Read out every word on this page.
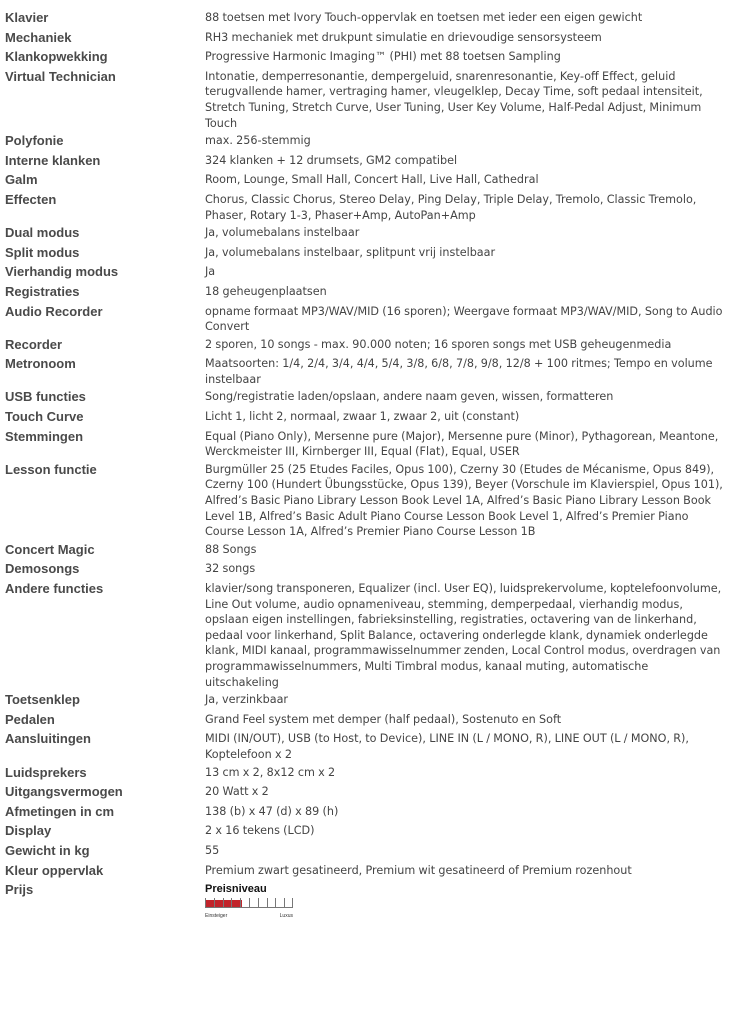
Klavier	88 toetsen met Ivory Touch-oppervlak en toetsen met ieder een eigen gewicht
Mechaniek	RH3 mechaniek met drukpunt simulatie en drievoudige sensorsysteem
Klankopwekking	Progressive Harmonic Imaging™ (PHI) met 88 toetsen Sampling
Virtual Technician	Intonatie, demperresonantie, dempergeluid, snarenresonantie, Key-off Effect, geluid terugvallende hamer, vertraging hamer, vleugelklep, Decay Time, soft pedaal intensiteit, Stretch Tuning, Stretch Curve, User Tuning, User Key Volume, Half-Pedal Adjust, Minimum Touch
Polyfonie	max. 256-stemmig
Interne klanken	324 klanken + 12 drumsets, GM2 compatibel
Galm	Room, Lounge, Small Hall, Concert Hall, Live Hall, Cathedral
Effecten	Chorus, Classic Chorus, Stereo Delay, Ping Delay, Triple Delay, Tremolo, Classic Tremolo, Phaser, Rotary 1-3, Phaser+Amp, AutoPan+Amp
Dual modus	Ja, volumebalans instelbaar
Split modus	Ja, volumebalans instelbaar, splitpunt vrij instelbaar
Vierhandig modus	Ja
Registraties	18 geheugenplaatsen
Audio Recorder	opname formaat MP3/WAV/MID (16 sporen); Weergave formaat MP3/WAV/MID, Song to Audio Convert
Recorder	2 sporen, 10 songs - max. 90.000 noten; 16 sporen songs met USB geheugenmedia
Metronoom	Maatsoorten: 1/4, 2/4, 3/4, 4/4, 5/4, 3/8, 6/8, 7/8, 9/8, 12/8 + 100 ritmes; Tempo en volume instelbaar
USB functies	Song/registratie laden/opslaan, andere naam geven, wissen, formatteren
Touch Curve	Licht 1, licht 2, normaal, zwaar 1, zwaar 2, uit (constant)
Stemmingen	Equal (Piano Only), Mersenne pure (Major), Mersenne pure (Minor), Pythagorean, Meantone, Werckmeister III, Kirnberger III, Equal (Flat), Equal, USER
Lesson functie	Burgmüller 25 (25 Etudes Faciles, Opus 100), Czerny 30 (Etudes de Mécanisme, Opus 849), Czerny 100 (Hundert Übungsstücke, Opus 139), Beyer (Vorschule im Klavierspiel, Opus 101), Alfred’s Basic Piano Library Lesson Book Level 1A, Alfred’s Basic Piano Library Lesson Book Level 1B, Alfred’s Basic Adult Piano Course Lesson Book Level 1, Alfred’s Premier Piano Course Lesson 1A, Alfred’s Premier Piano Course Lesson 1B
Concert Magic	88 Songs
Demosongs	32 songs
Andere functies	klavier/song transponeren, Equalizer (incl. User EQ), luidsprekervolume, koptelefoonvolume, Line Out volume, audio opnameniveau, stemming, demperpedaal, vierhandig modus, opslaan eigen instellingen, fabrieksinstelling, registraties, octavering van de linkerhand, pedaal voor linkerhand, Split Balance, octavering onderlegde klank, dynamiek onderlegde klank, MIDI kanaal, programmawisselnummer zenden, Local Control modus, overdragen van programmawisselnummers, Multi Timbral modus, kanaal muting, automatische uitschakeling
Toetsenklep	Ja, verzinkbaar
Pedalen	Grand Feel system met demper (half pedaal), Sostenuto en Soft
Aansluitingen	MIDI (IN/OUT), USB (to Host, to Device), LINE IN (L / MONO, R), LINE OUT (L / MONO, R), Koptelefoon x 2
Luidsprekers	13 cm x 2, 8x12 cm x 2
Uitgangsvermogen	20 Watt x 2
Afmetingen in cm	138 (b) x 47 (d) x 89 (h)
Display	2 x 16 tekens (LCD)
Gewicht in kg	55
Kleur oppervlak	Premium zwart gesatineerd, Premium wit gesatineerd of Premium rozenhout
Prijs	Preisniveau
Einsteiger Luxus
